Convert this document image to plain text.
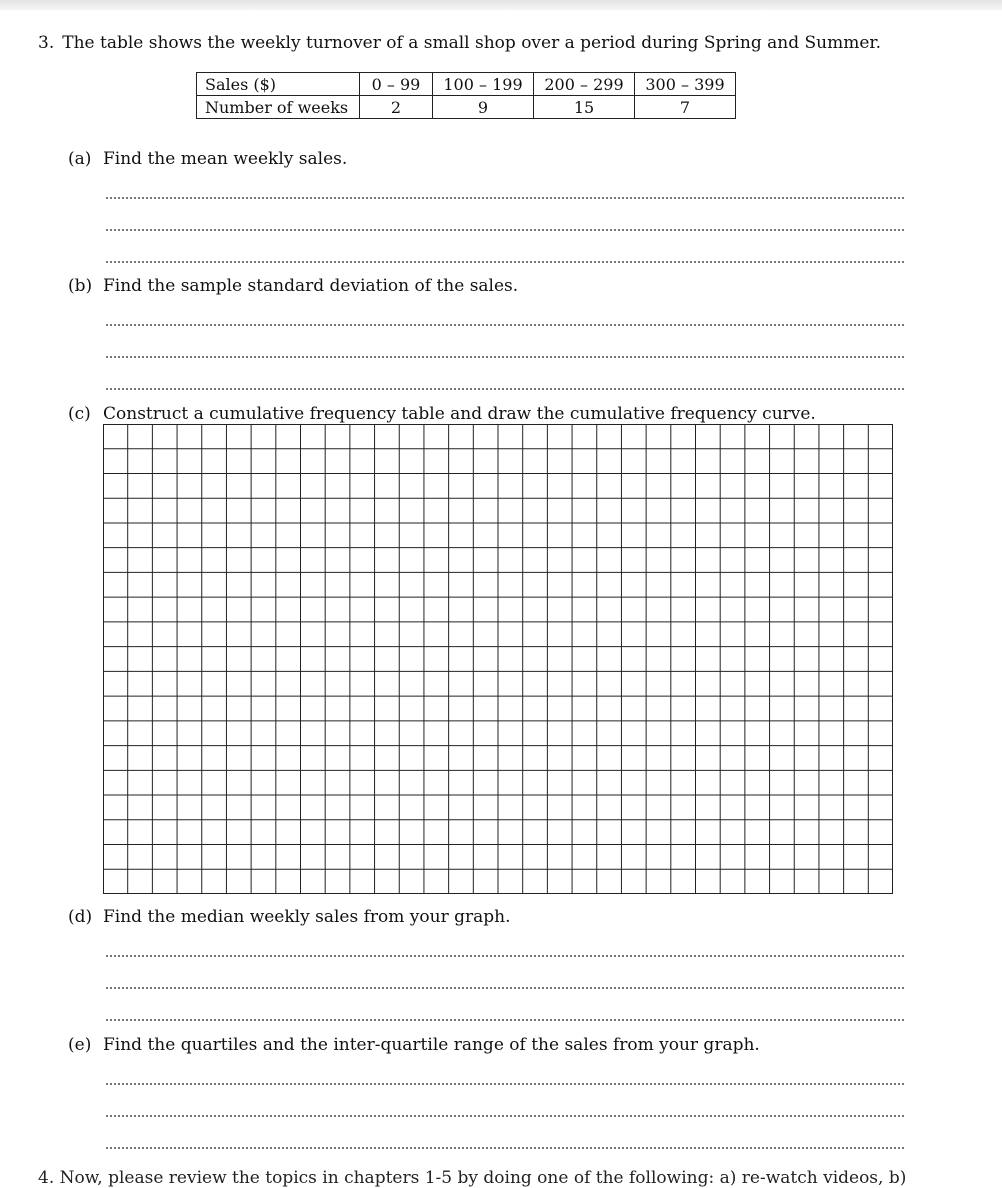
3. The table shows the weekly turnover of a small shop over a period during Spring and Summer.
Sales ($)	0 – 99	100 – 199	200 – 299	300 – 399
Number of weeks	2	9	15	7
(a) Find the mean weekly sales.
(b) Find the sample standard deviation of the sales.
(c) Construct a cumulative frequency table and draw the cumulative frequency curve.
(d) Find the median weekly sales from your graph.
(e) Find the quartiles and the inter-quartile range of the sales from your graph.
4. Now, please review the topics in chapters 1-5 by doing one of the following: a) re-watch videos, b)
